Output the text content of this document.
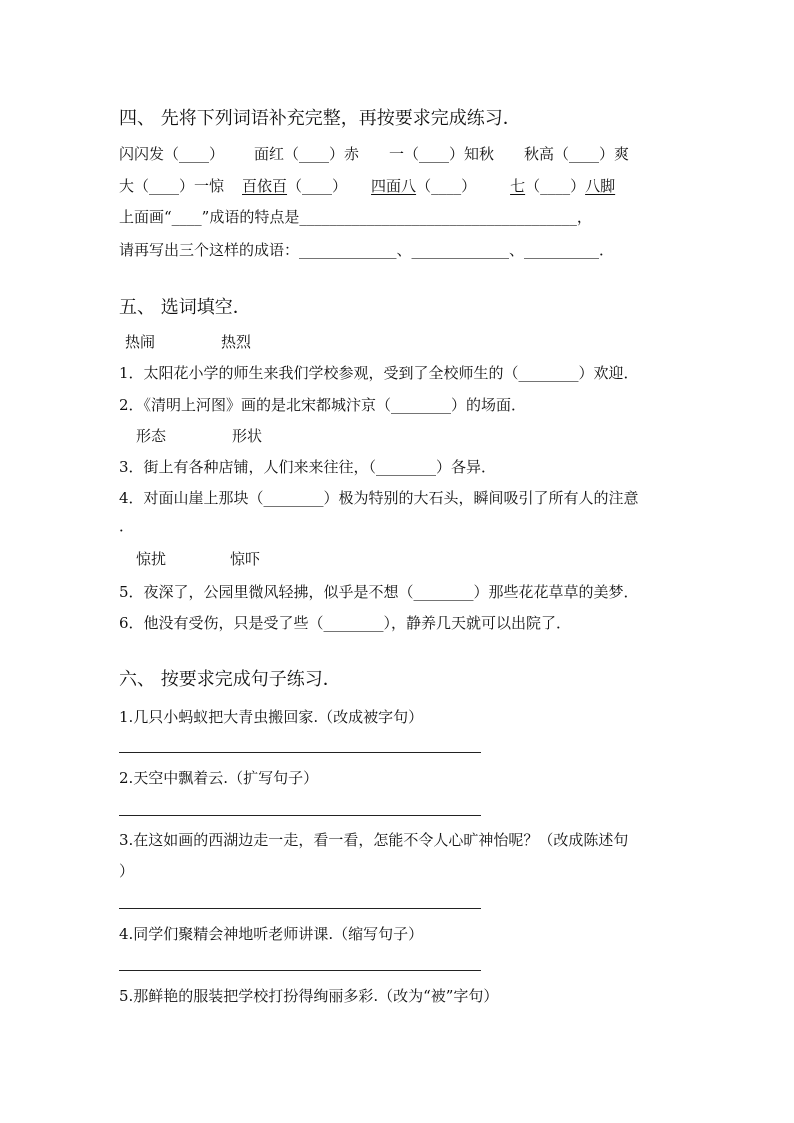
四、 先将下列词语补充完整，再按要求完成练习．
闪闪发（____） 面红（____）赤 一（____）知秋 秋高（____）爽
大（____）一惊 百依百（____） 四面八（____） 七（____）八脚
上面画“____”成语的特点是_____________________________________，
请再写出三个这样的成语：_____________、_____________、__________．
五、 选词填空．
热闹	热烈
1．太阳花小学的师生来我们学校参观，受到了全校师生的（________）欢迎．
2．《清明上河图》画的是北宋都城汴京（________）的场面．
形态	形状
3．街上有各种店铺，人们来来往往，（________）各异．
4．对面山崖上那块（________）极为特别的大石头，瞬间吸引了所有人的注意
．
惊扰	惊吓
5．夜深了，公园里微风轻拂，似乎是不想（________）那些花花草草的美梦．
6．他没有受伤，只是受了些（________），静养几天就可以出院了．
六、 按要求完成句子练习．
1.几只小蚂蚁把大青虫搬回家.（改成被字句）
2.天空中飘着云.（扩写句子）
3.在这如画的西湖边走一走，看一看，怎能不令人心旷神怡呢？（改成陈述句
）
4.同学们聚精会神地听老师讲课.（缩写句子）
5.那鲜艳的服装把学校打扮得绚丽多彩.（改为“被”字句）
